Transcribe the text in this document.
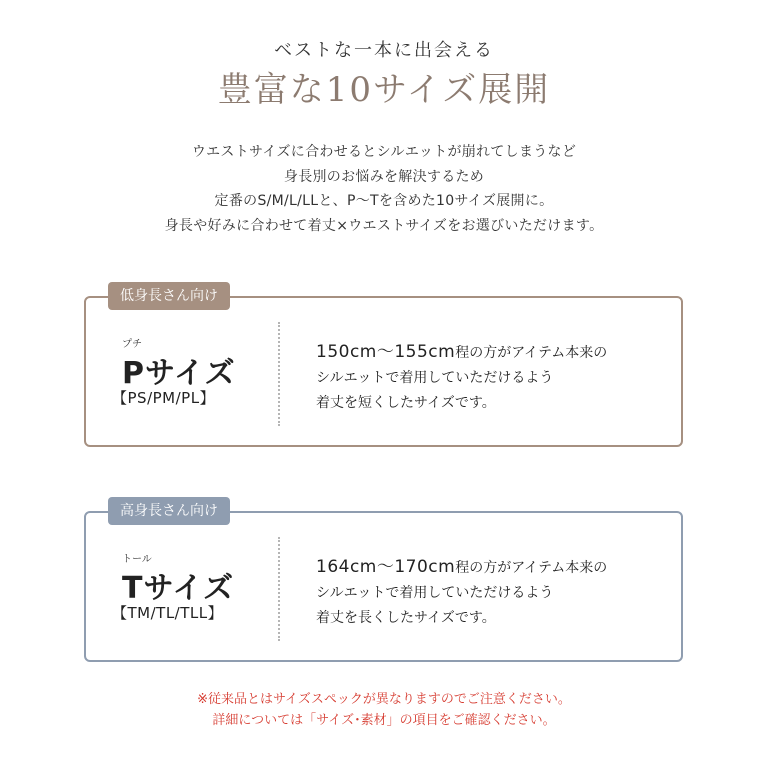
ベストな一本に出会える
豊富な10サイズ展開
ウエストサイズに合わせるとシルエットが崩れてしまうなど
身長別のお悩みを解決するため
定番のS/M/L/LLと、P〜Tを含めた10サイズ展開に。
身長や好みに合わせて着丈×ウエストサイズをお選びいただけます。
低身長さん向け
プチ
Pサイズ
【PS/PM/PL】
150cm〜155cm程の方がアイテム本来の
シルエットで着用していただけるよう
着丈を短くしたサイズです。
高身長さん向け
トール
Tサイズ
【TM/TL/TLL】
164cm〜170cm程の方がアイテム本来の
シルエットで着用していただけるよう
着丈を長くしたサイズです。
※従来品とはサイズスペックが異なりますのでご注意ください。
詳細については「サイズ･素材」の項目をご確認ください。
